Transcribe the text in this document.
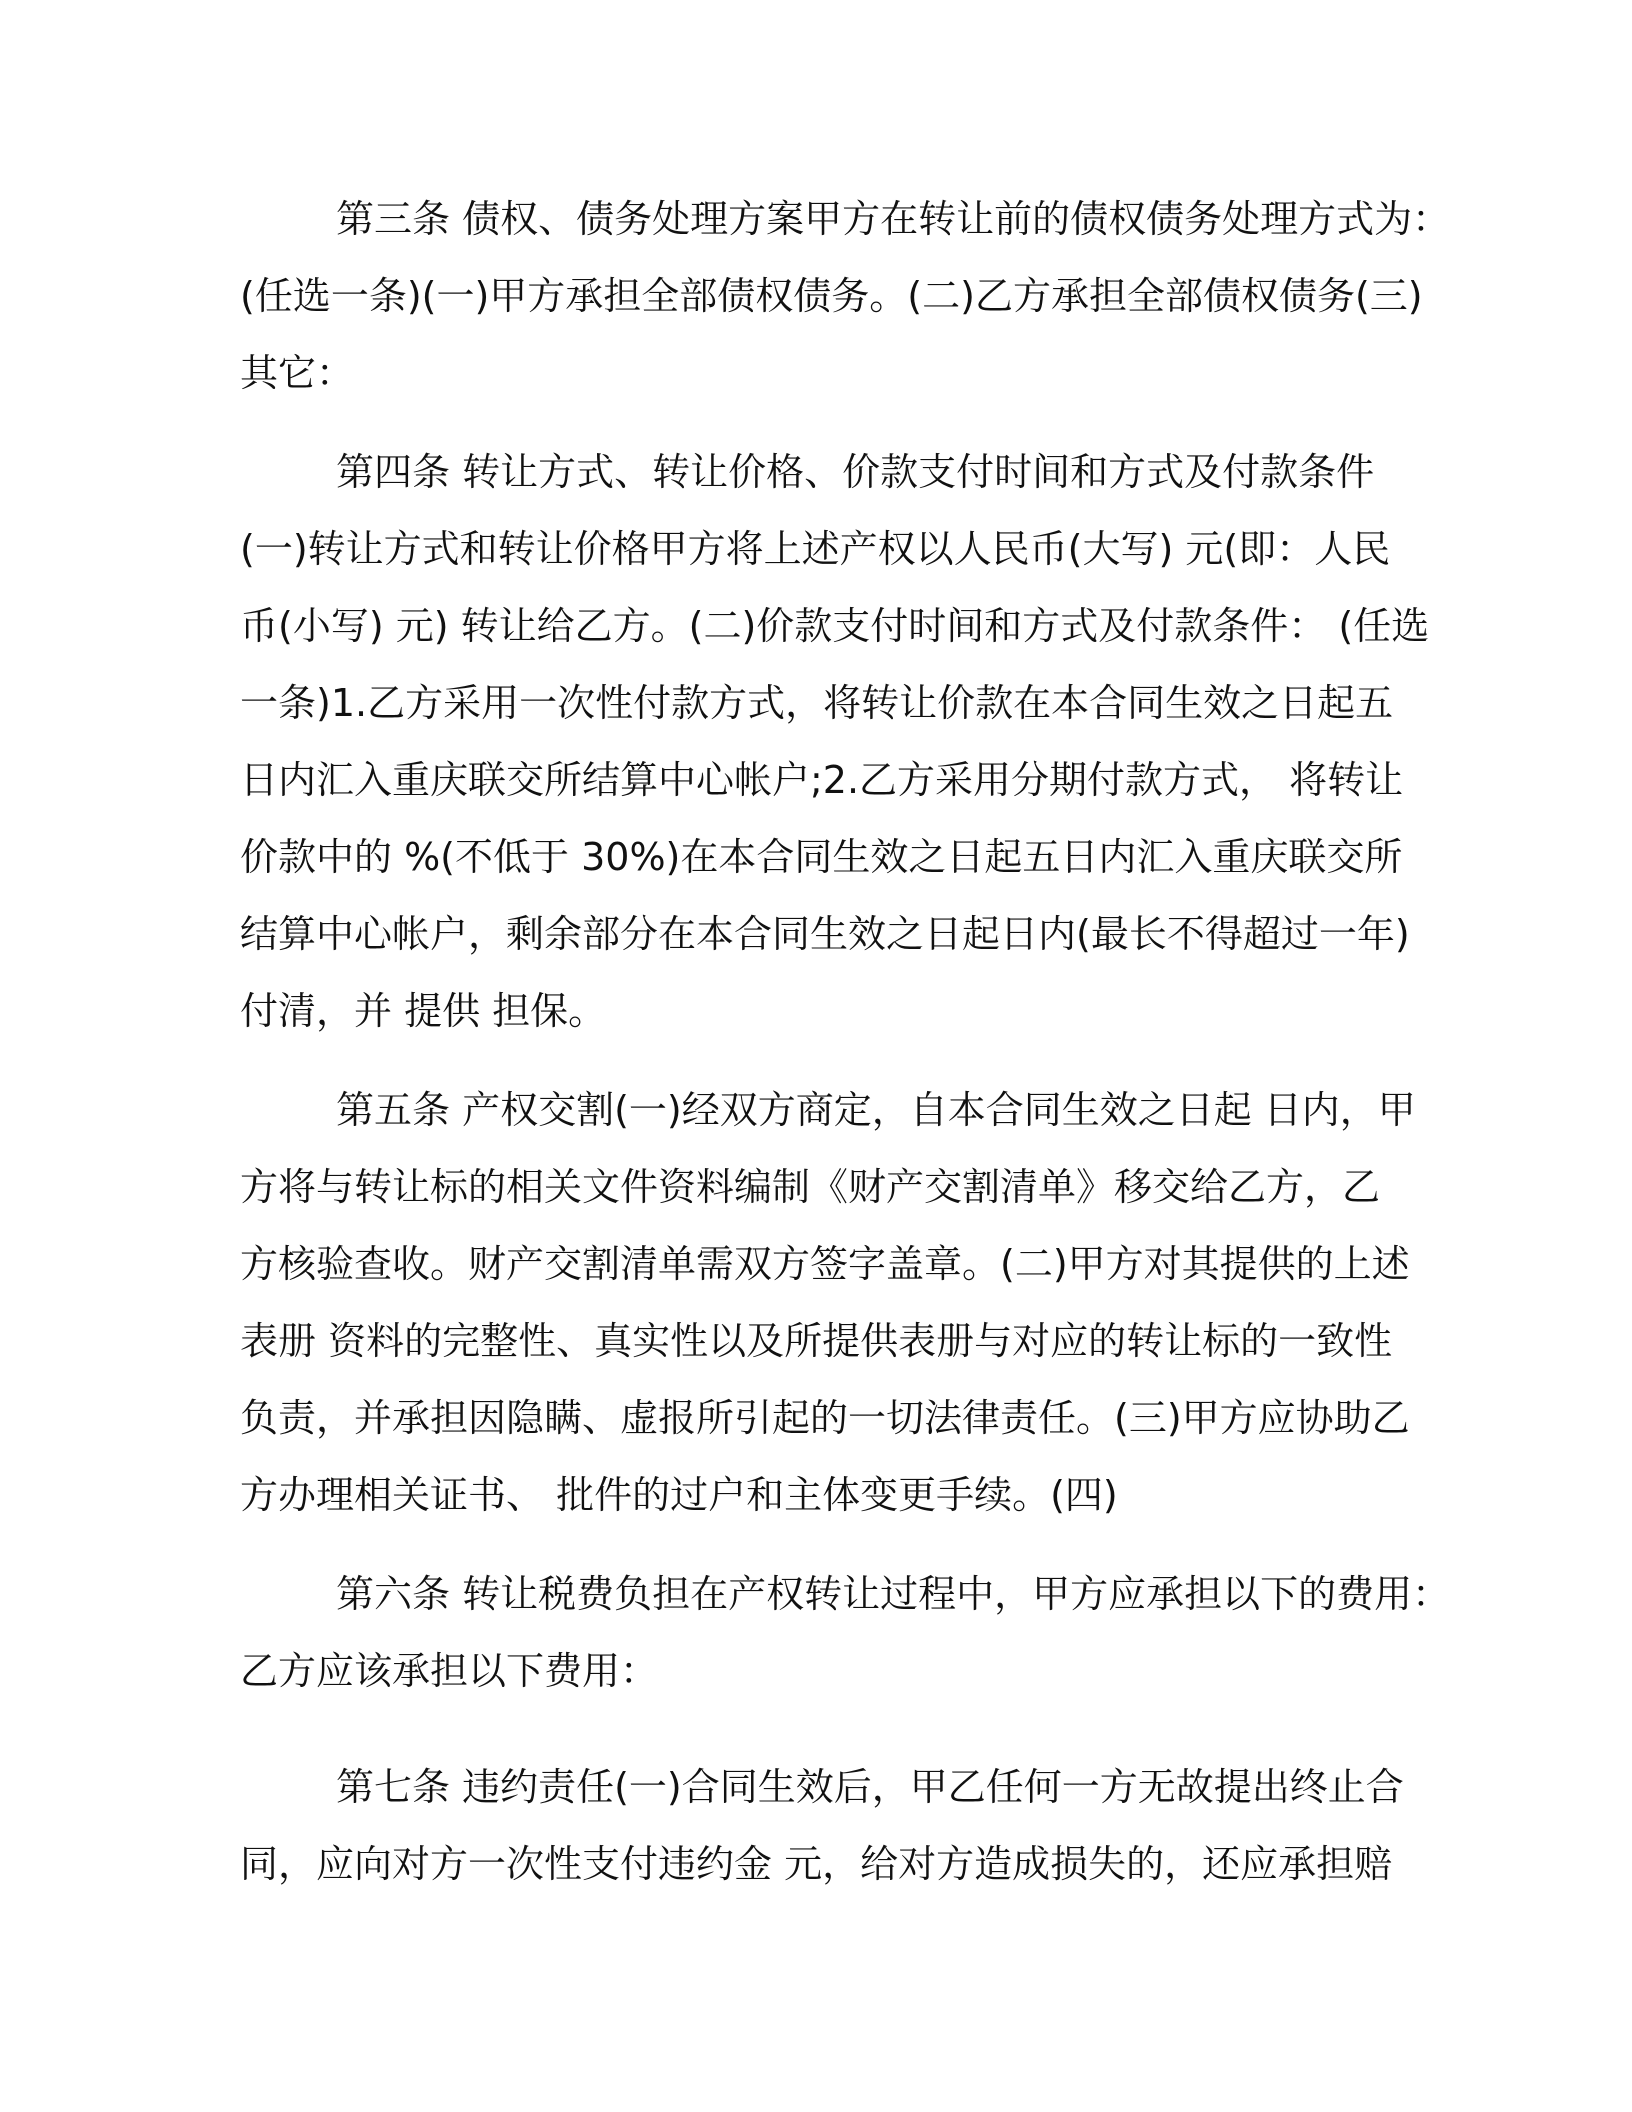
第三条 债权、债务处理方案甲方在转让前的债权债务处理方式为：
(任选一条)(一)甲方承担全部债权债务。(二)乙方承担全部债权债务(三)
其它：
第四条 转让方式、转让价格、价款支付时间和方式及付款条件
(一)转让方式和转让价格甲方将上述产权以人民币(大写) 元(即：人民
币(小写) 元) 转让给乙方。(二)价款支付时间和方式及付款条件： (任选
一条)1.乙方采用一次性付款方式，将转让价款在本合同生效之日起五
日内汇入重庆联交所结算中心帐户;2.乙方采用分期付款方式， 将转让
价款中的 %(不低于 30%)在本合同生效之日起五日内汇入重庆联交所
结算中心帐户，剩余部分在本合同生效之日起日内(最长不得超过一年)
付清，并 提供 担保。
第五条 产权交割(一)经双方商定，自本合同生效之日起 日内，甲
方将与转让标的相关文件资料编制《财产交割清单》移交给乙方，乙
方核验查收。财产交割清单需双方签字盖章。(二)甲方对其提供的上述
表册 资料的完整性、真实性以及所提供表册与对应的转让标的一致性
负责，并承担因隐瞒、虚报所引起的一切法律责任。(三)甲方应协助乙
方办理相关证书、 批件的过户和主体变更手续。(四)
第六条 转让税费负担在产权转让过程中，甲方应承担以下的费用：
乙方应该承担以下费用：
第七条 违约责任(一)合同生效后，甲乙任何一方无故提出终止合
同，应向对方一次性支付违约金 元，给对方造成损失的，还应承担赔
